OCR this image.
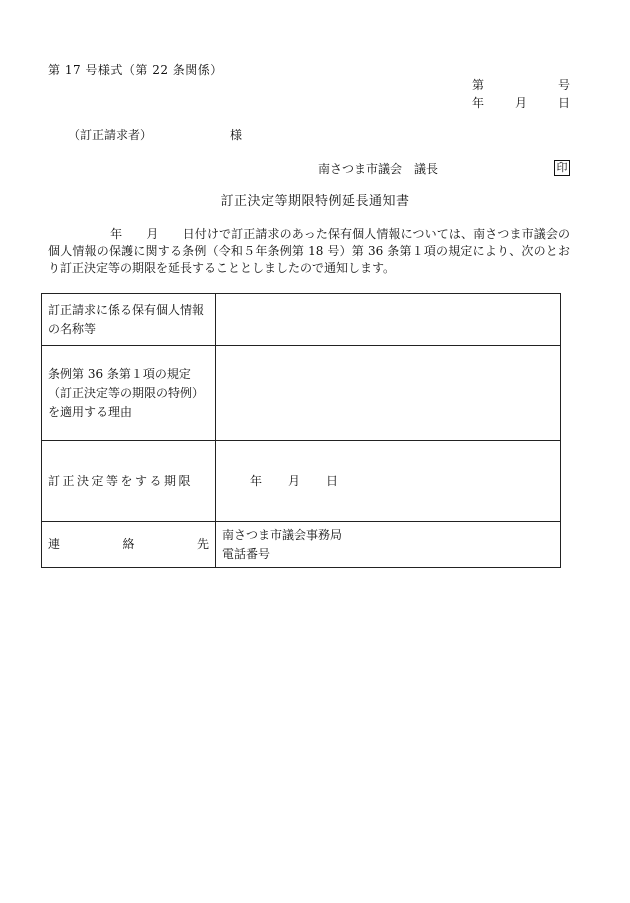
第 17 号様式（第 22 条関係）
第	号
年	月	日
（訂正請求者）	様
南さつま市議会　議長	印
訂正決定等期限特例延長通知書
年 月 日付けで訂正請求のあった保有個人情報については、南さつま市議会の個人情報の保護に関する条例（令和５年条例第 18 号）第 36 条第１項の規定により、次のとおり訂正決定等の期限を延長することとしましたので通知します。
訂正請求に係る保有個人情報の名称等	
条例第 36 条第１項の規定（訂正決定等の期限の特例）を適用する理由	
訂正決定等をする期限	年 月 日

連 絡 先	南さつま市議会事務局
電話番号
